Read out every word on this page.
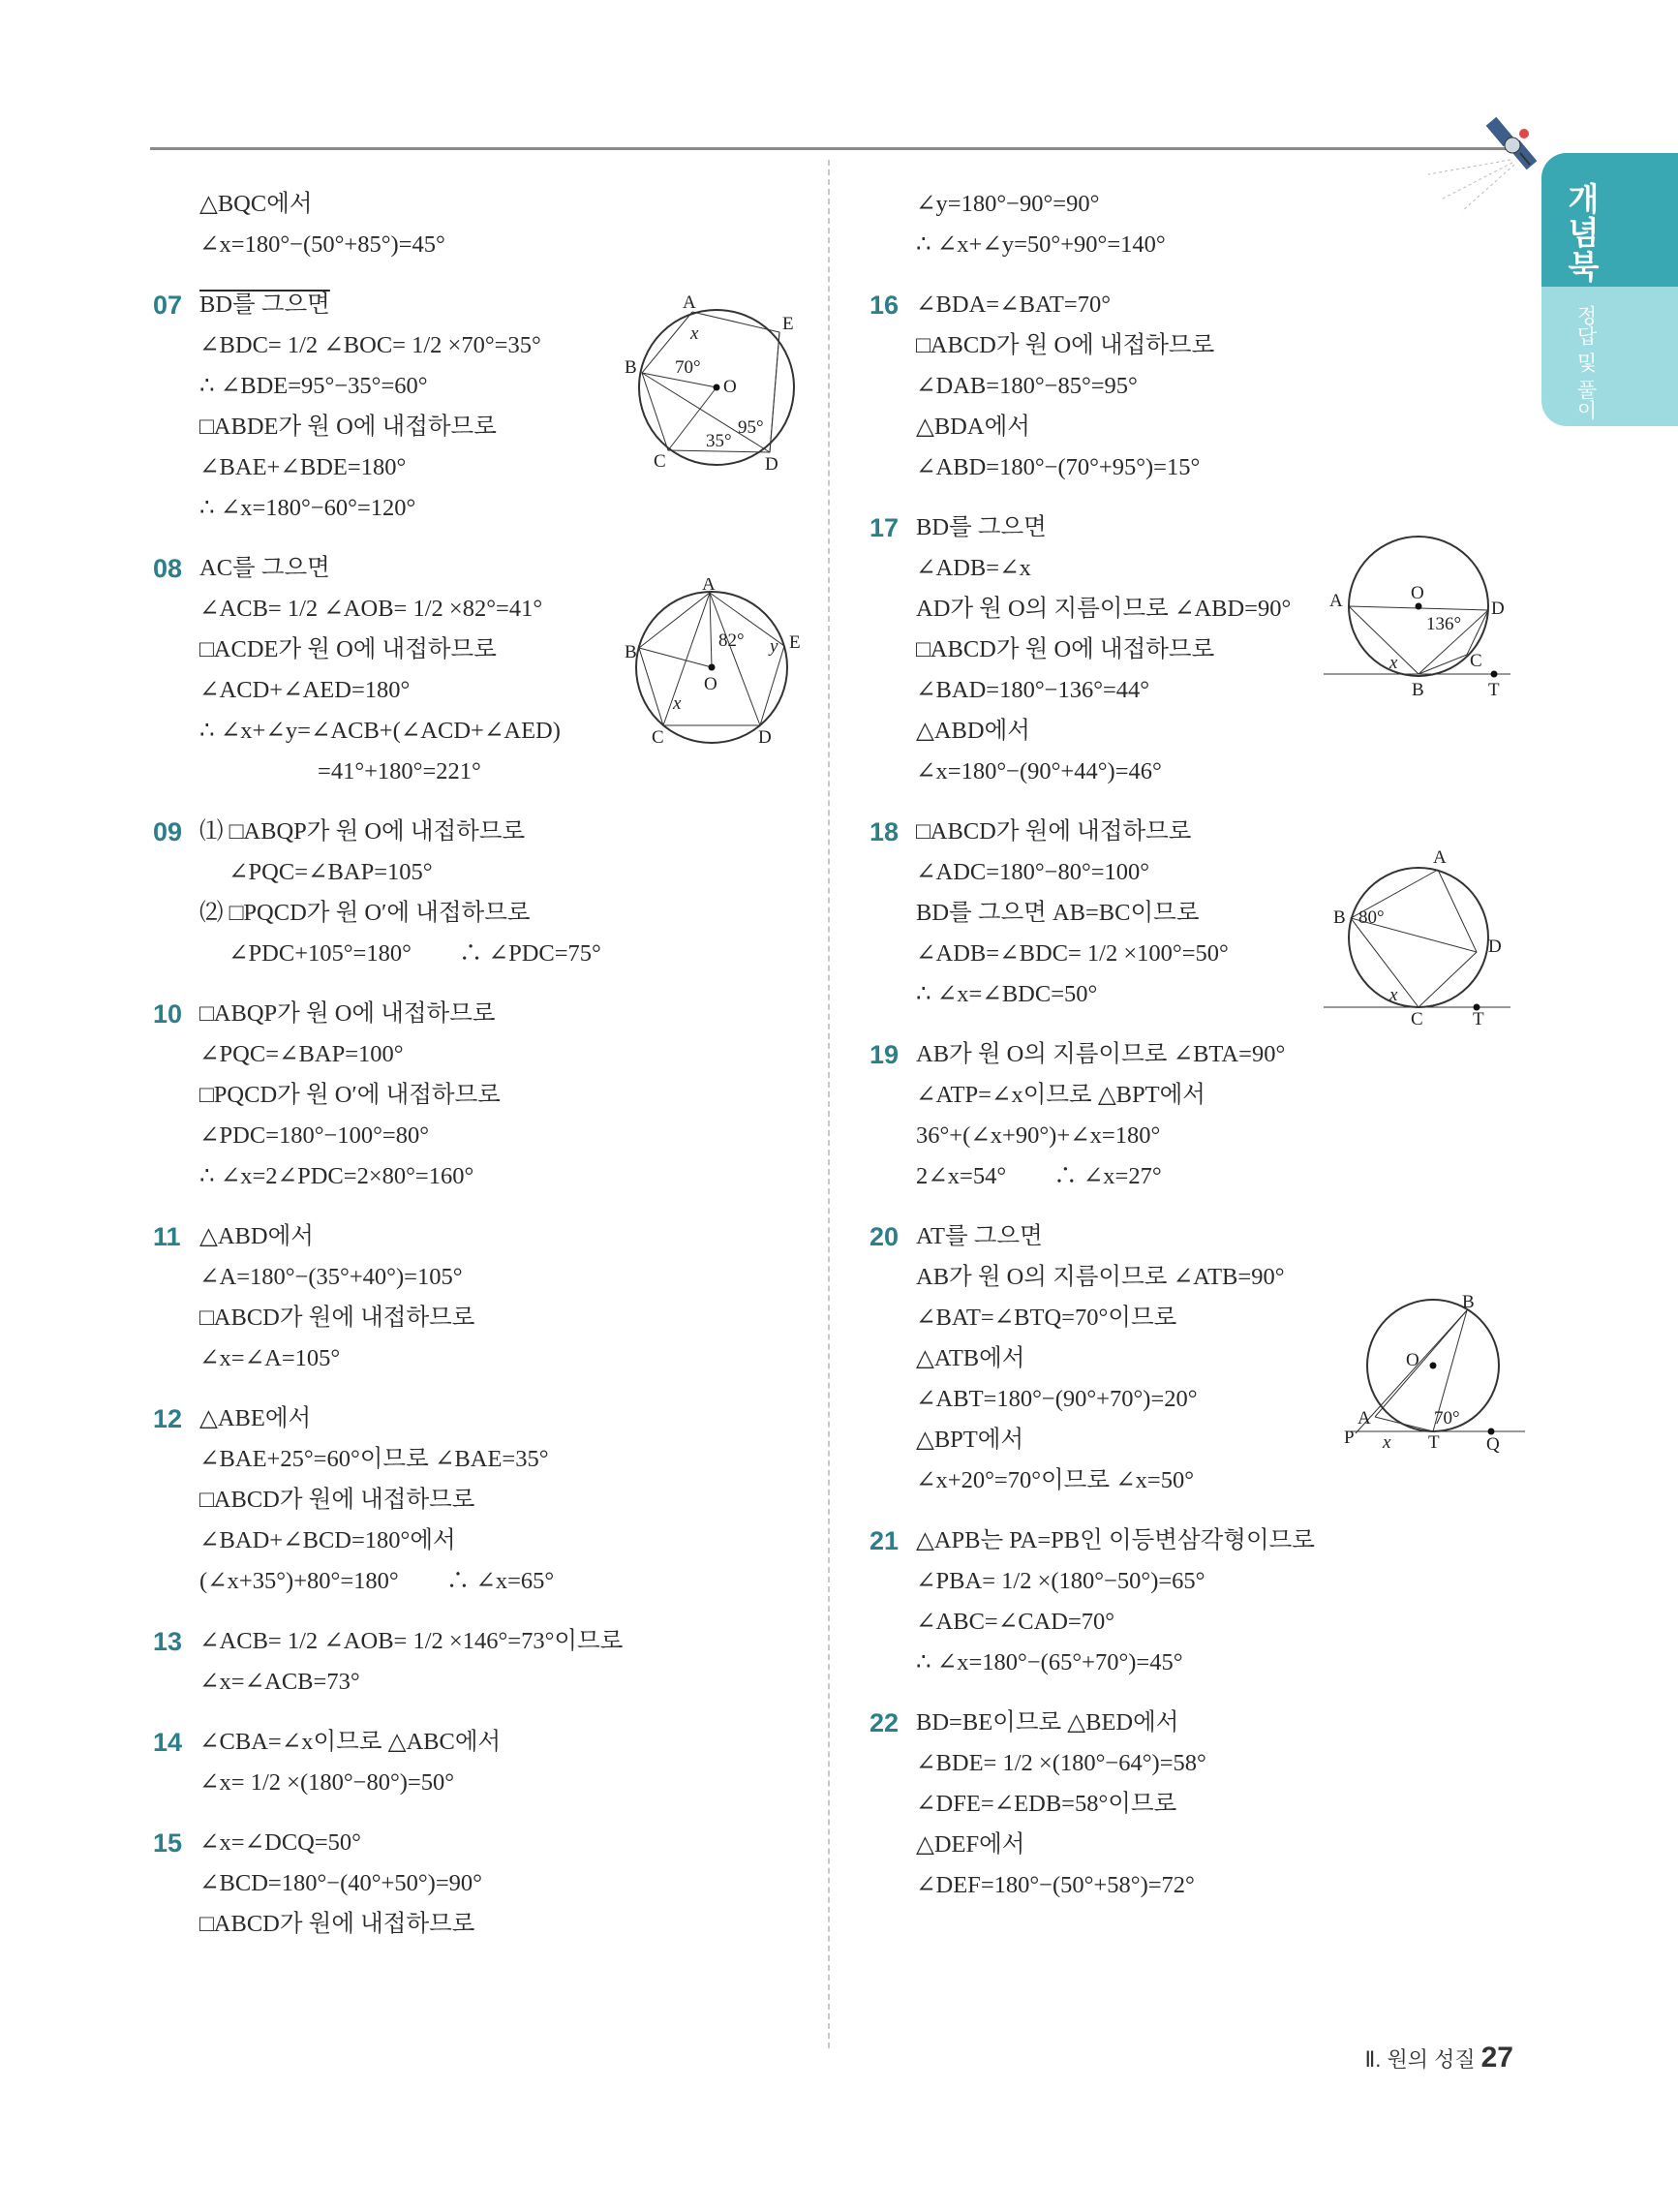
개념북
정답 및 풀이
△BQC에서
∠x=180°−(50°+85°)=45°
07 BD를 그으면
∠BDC= 1/2 ∠BOC= 1/2 ×70°=35°
∴ ∠BDE=95°−35°=60°
□ABDE가 원 O에 내접하므로
∠BAE+∠BDE=180°
∴ ∠x=180°−60°=120°
08 AC를 그으면
∠ACB= 1/2 ∠AOB= 1/2 ×82°=41°
□ACDE가 원 O에 내접하므로
∠ACD+∠AED=180°
∴ ∠x+∠y=∠ACB+(∠ACD+∠AED)
=41°+180°=221°
09 ⑴ □ABQP가 원 O에 내접하므로
∠PQC=∠BAP=105°
⑵ □PQCD가 원 O′에 내접하므로
∠PDC+105°=180°　　∴ ∠PDC=75°
10 □ABQP가 원 O에 내접하므로
∠PQC=∠BAP=100°
□PQCD가 원 O′에 내접하므로
∠PDC=180°−100°=80°
∴ ∠x=2∠PDC=2×80°=160°
11 △ABD에서
∠A=180°−(35°+40°)=105°
□ABCD가 원에 내접하므로
∠x=∠A=105°
12 △ABE에서
∠BAE+25°=60°이므로 ∠BAE=35°
□ABCD가 원에 내접하므로
∠BAD+∠BCD=180°에서
(∠x+35°)+80°=180°　　∴ ∠x=65°
13 ∠ACB= 1/2 ∠AOB= 1/2 ×146°=73°이므로
∠x=∠ACB=73°
14 ∠CBA=∠x이므로 △ABC에서
∠x= 1/2 ×(180°−80°)=50°
15 ∠x=∠DCQ=50°
∠BCD=180°−(40°+50°)=90°
□ABCD가 원에 내접하므로
∠y=180°−90°=90°
∴ ∠x+∠y=50°+90°=140°
16 ∠BDA=∠BAT=70°
□ABCD가 원 O에 내접하므로
∠DAB=180°−85°=95°
△BDA에서
∠ABD=180°−(70°+95°)=15°
17 BD를 그으면
∠ADB=∠x
AD가 원 O의 지름이므로 ∠ABD=90°
□ABCD가 원 O에 내접하므로
∠BAD=180°−136°=44°
△ABD에서
∠x=180°−(90°+44°)=46°
18 □ABCD가 원에 내접하므로
∠ADC=180°−80°=100°
BD를 그으면 AB=BC이므로
∠ADB=∠BDC= 1/2 ×100°=50°
∴ ∠x=∠BDC=50°
19 AB가 원 O의 지름이므로 ∠BTA=90°
∠ATP=∠x이므로 △BPT에서
36°+(∠x+90°)+∠x=180°
2∠x=54°　　∴ ∠x=27°
20 AT를 그으면
AB가 원 O의 지름이므로 ∠ATB=90°
∠BAT=∠BTQ=70°이므로
△ATB에서
∠ABT=180°−(90°+70°)=20°
△BPT에서
∠x+20°=70°이므로 ∠x=50°
21 △APB는 PA=PB인 이등변삼각형이므로
∠PBA= 1/2 ×(180°−50°)=65°
∠ABC=∠CAD=70°
∴ ∠x=180°−(65°+70°)=45°
22 BD=BE이므로 △BED에서
∠BDE= 1/2 ×(180°−64°)=58°
∠DFE=∠EDB=58°이므로
△DEF에서
∠DEF=180°−(50°+58°)=72°
A
E
B
O
C	D
x
70°
95°
35°
A
B
O
E
C	D
82° y
x
A	O
D
B
C
T
136°
x
A
B
D
C	T
80°
x
B
O
A
P	T	Q
70°
x
Ⅱ. 원의 성질 27
